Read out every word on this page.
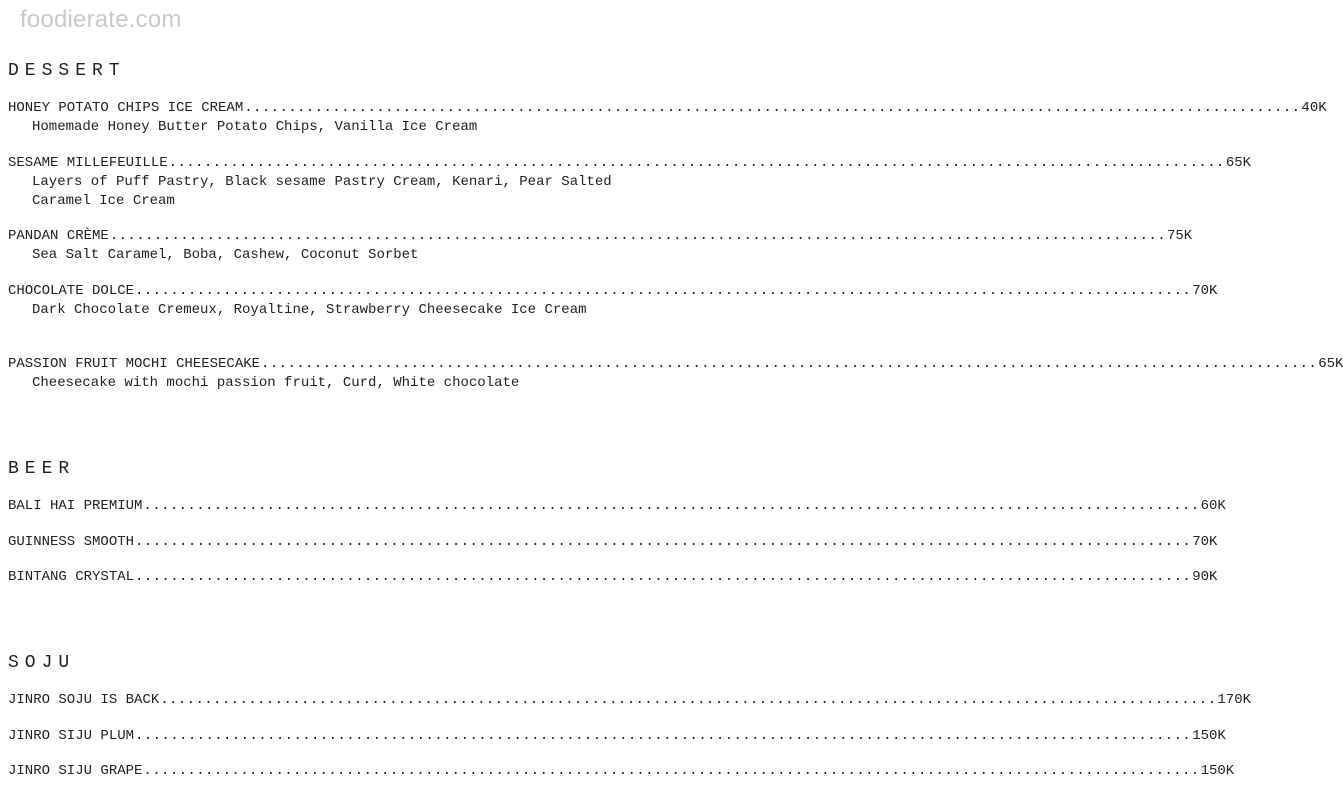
foodierate.com
DESSERT
HONEY POTATO CHIPS ICE CREAM ........................................................................................................................ 40K
Homemade Honey Butter Potato Chips, Vanilla Ice Cream
SESAME MILLEFEUILLE ........................................................................................................................ 65K
Layers of Puff Pastry, Black sesame Pastry Cream, Kenari, Pear Salted Caramel Ice Cream
PANDAN CRÈME ........................................................................................................................ 75K
Sea Salt Caramel, Boba, Cashew, Coconut Sorbet
CHOCOLATE DOLCE ........................................................................................................................ 70K
Dark Chocolate Cremeux, Royaltine, Strawberry Cheesecake Ice Cream
PASSION FRUIT MOCHI CHEESECAKE ........................................................................................................................ 65K
Cheesecake with mochi passion fruit, Curd, White chocolate
BEER
BALI HAI PREMIUM ........................................................................................................................ 60K
GUINNESS SMOOTH ........................................................................................................................ 70K
BINTANG CRYSTAL ........................................................................................................................ 90K
SOJU
JINRO SOJU IS BACK ........................................................................................................................ 170K
JINRO SIJU PLUM ........................................................................................................................ 150K
JINRO SIJU GRAPE ........................................................................................................................ 150K
